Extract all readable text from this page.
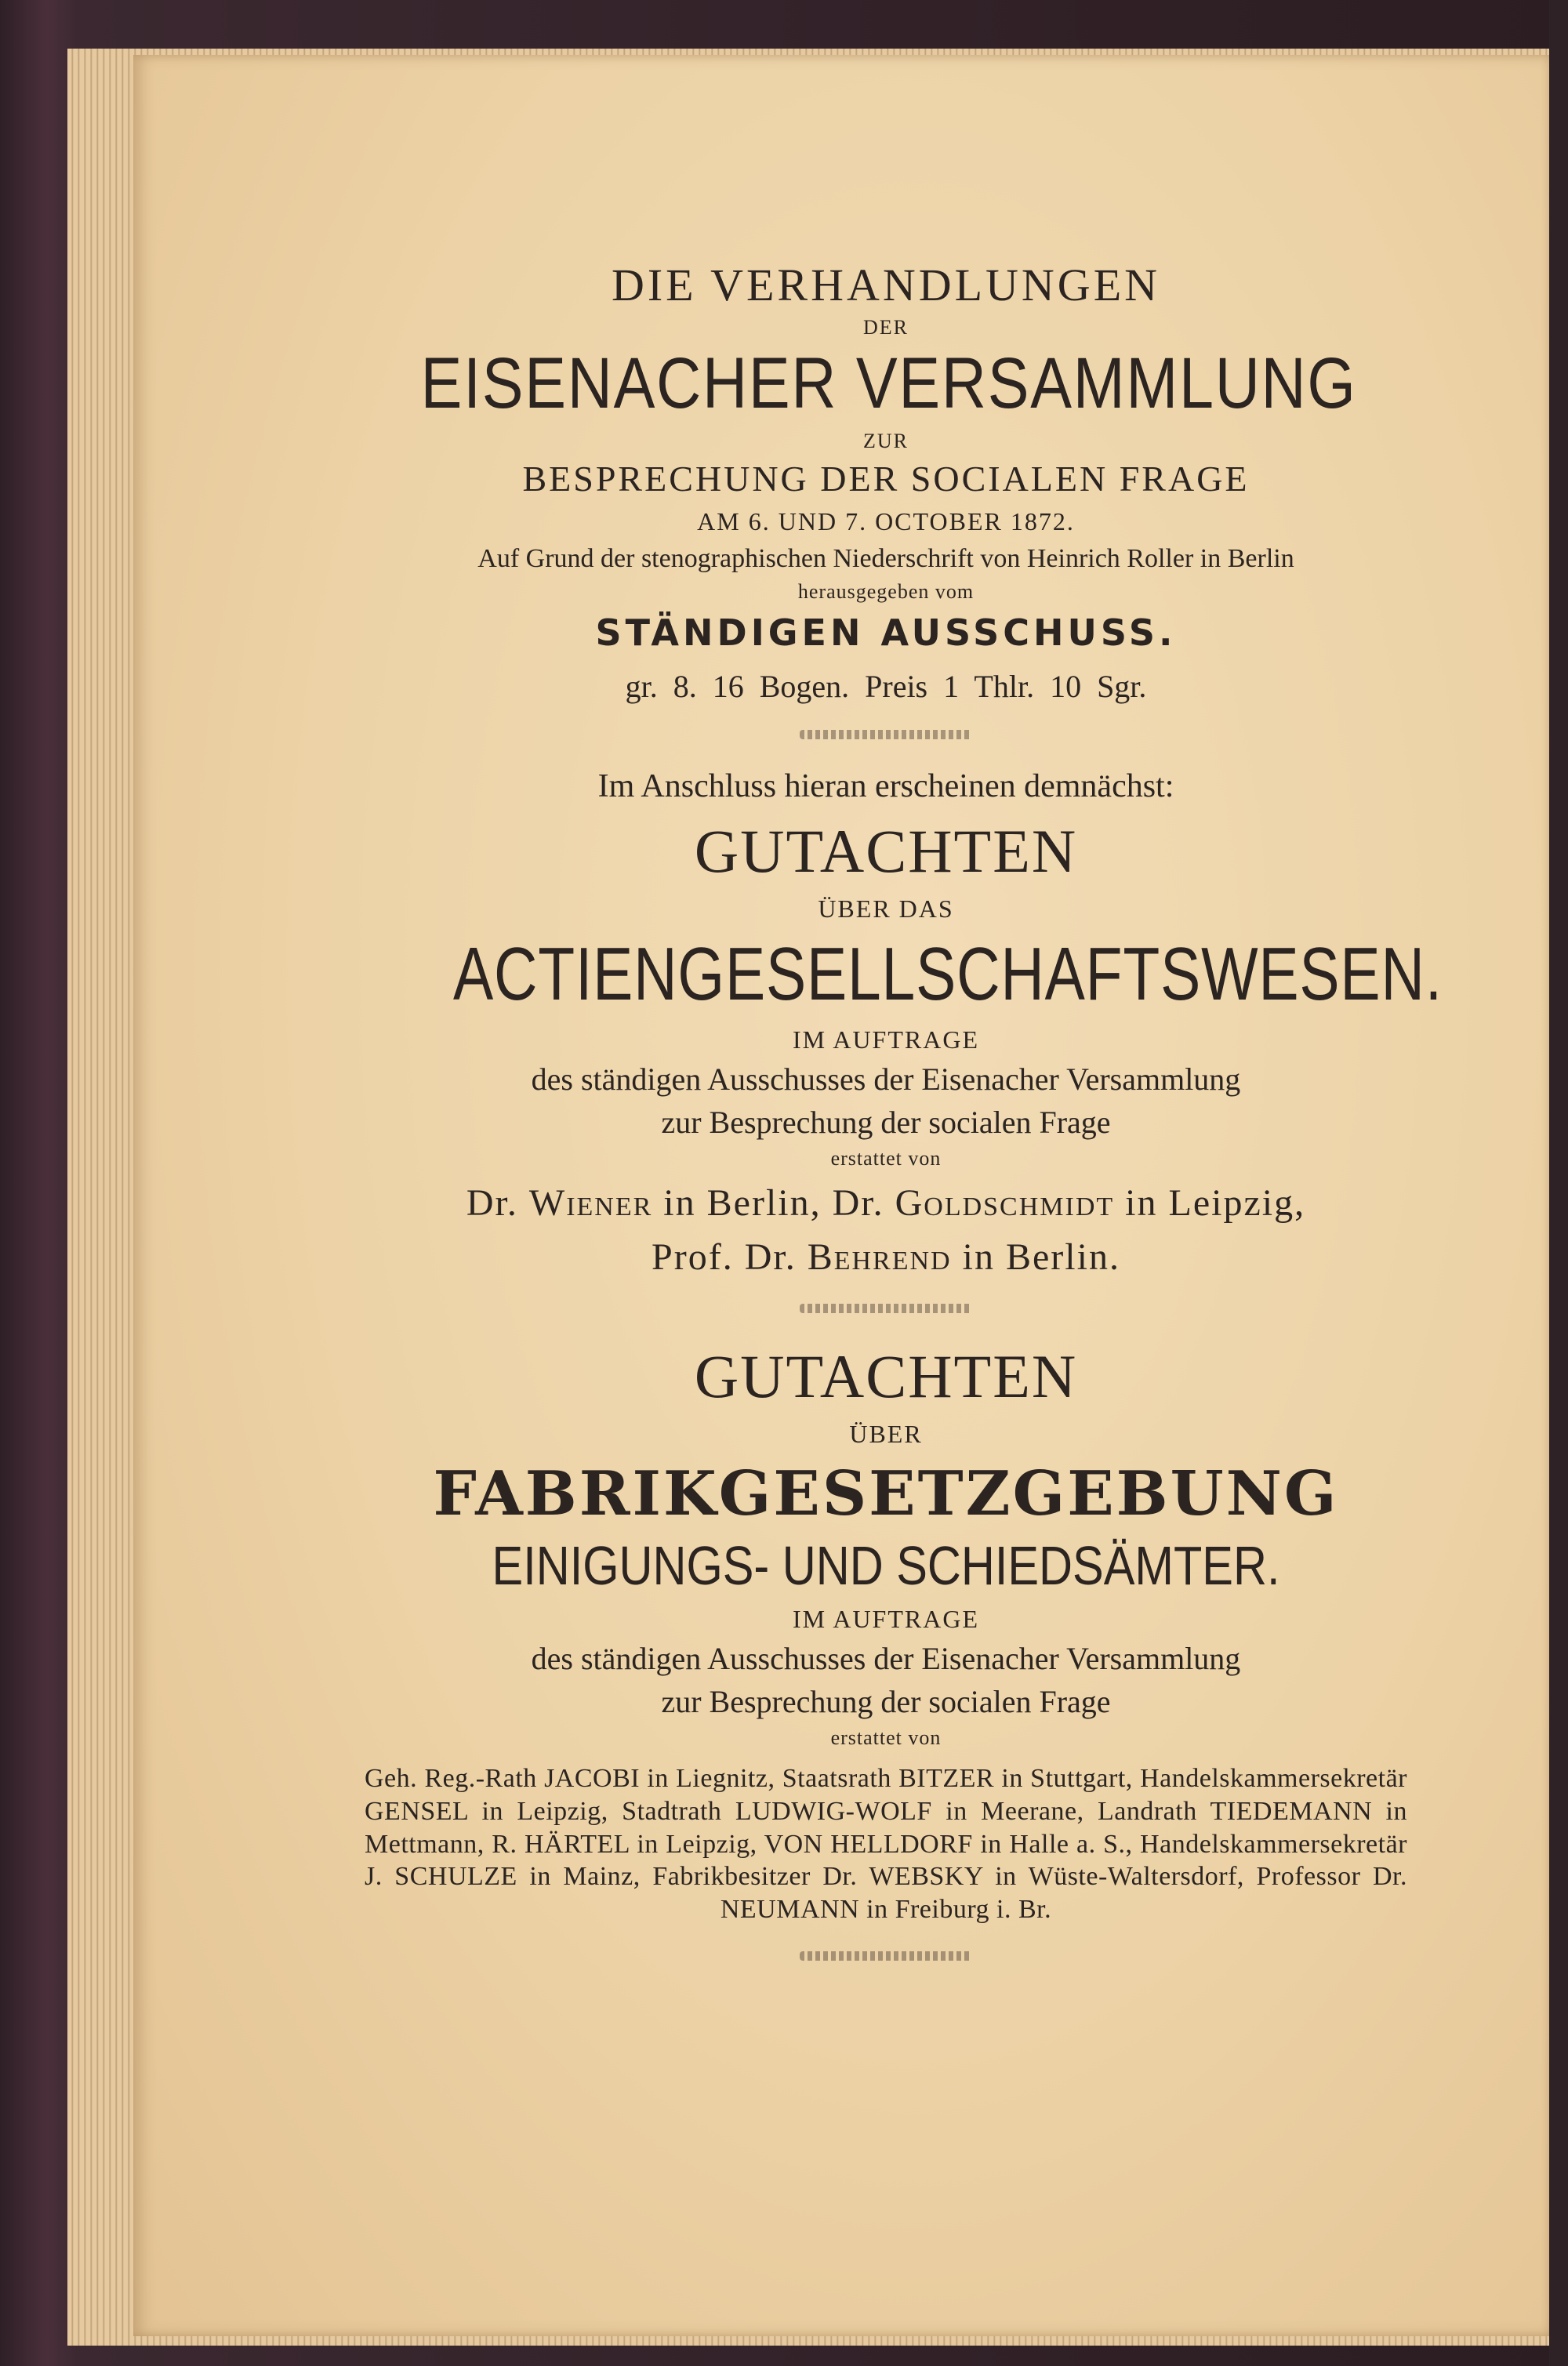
DIE VERHANDLUNGEN
DER
EISENACHER VERSAMMLUNG
ZUR
BESPRECHUNG DER SOCIALEN FRAGE
AM 6. UND 7. OCTOBER 1872.
Auf Grund der stenographischen Niederschrift von Heinrich Roller in Berlin
herausgegeben vom
STÄNDIGEN AUSSCHUSS.
gr. 8. 16 Bogen. Preis 1 Thlr. 10 Sgr.
Im Anschluss hieran erscheinen demnächst:
GUTACHTEN
ÜBER DAS
ACTIENGESELLSCHAFTSWESEN.
IM AUFTRAGE
des ständigen Ausschusses der Eisenacher Versammlung
zur Besprechung der socialen Frage
erstattet von
Dr. Wiener in Berlin, Dr. Goldschmidt in Leipzig,
Prof. Dr. Behrend in Berlin.
GUTACHTEN
ÜBER
FABRIKGESETZGEBUNG
EINIGUNGS- UND SCHIEDSÄMTER.
IM AUFTRAGE
des ständigen Ausschusses der Eisenacher Versammlung
zur Besprechung der socialen Frage
erstattet von

Geh. Reg.-Rath JACOBI in Liegnitz, Staatsrath BITZER in Stuttgart, Handelskammersekretär GENSEL in Leipzig, Stadtrath LUDWIG-WOLF in Meerane, Landrath TIEDEMANN in Mettmann, R. HÄRTEL in Leipzig, VON HELLDORF in Halle a. S., Handelskammersekretär J. SCHULZE in Mainz, Fabrikbesitzer Dr. WEBSKY in Wüste-Waltersdorf, Professor Dr. NEUMANN in Freiburg i. Br.
